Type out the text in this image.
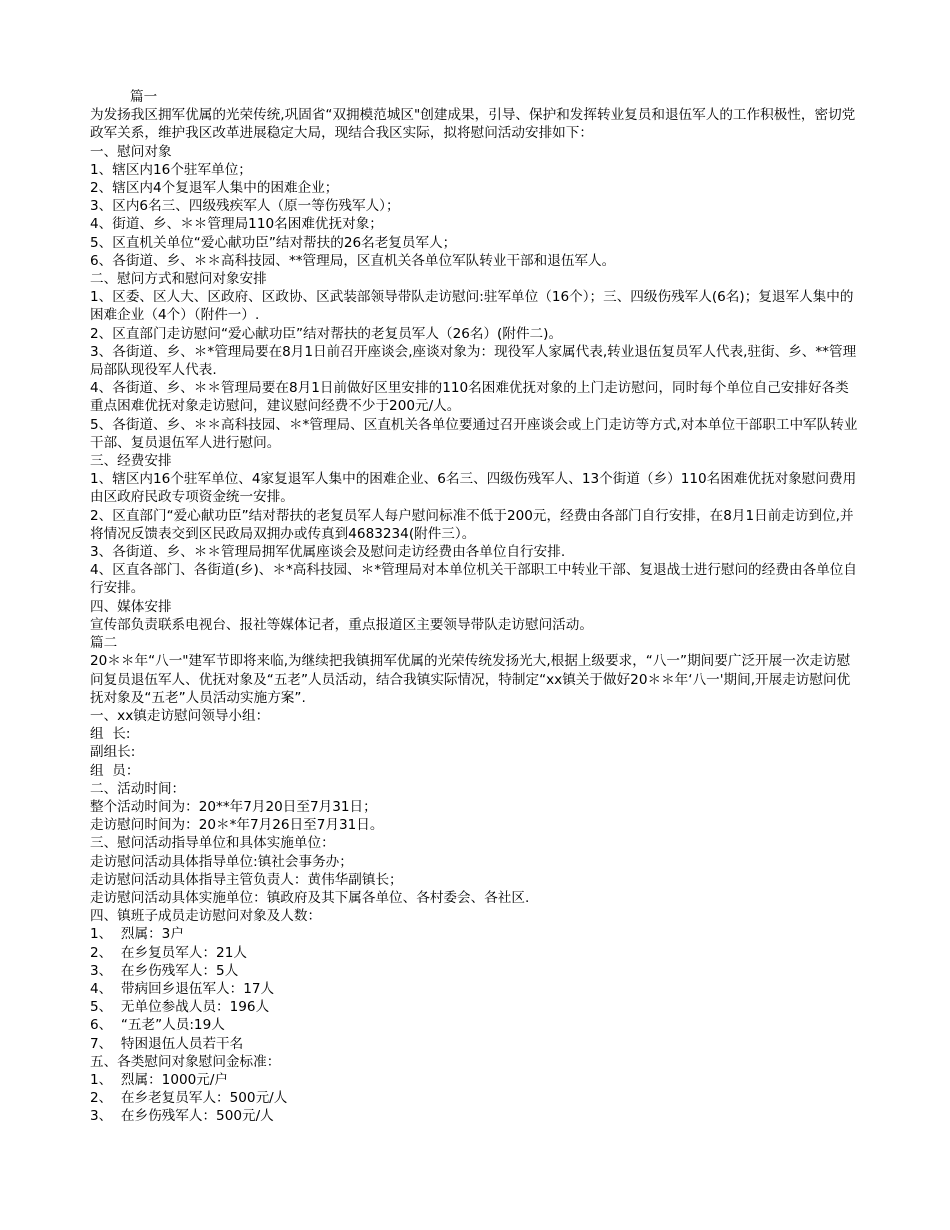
篇一
为发扬我区拥军优属的光荣传统,巩固省“双拥模范城区"创建成果，引导、保护和发挥转业复员和退伍军人的工作积极性，密切党政军关系，维护我区改革进展稳定大局，现结合我区实际，拟将慰问活动安排如下：
一、慰问对象
1、辖区内16个驻军单位；
2、辖区内4个复退军人集中的困难企业；
3、区内6名三、四级残疾军人（原一等伤残军人）；
4、街道、乡、＊＊管理局110名困难优抚对象；
5、区直机关单位“爱心献功臣”结对帮扶的26名老复员军人；
6、各街道、乡、＊＊高科技园、**管理局，区直机关各单位军队转业干部和退伍军人。
二、慰问方式和慰问对象安排
1、区委、区人大、区政府、区政协、区武装部领导带队走访慰问:驻军单位（16个）；三、四级伤残军人(6名)；复退军人集中的困难企业（4个）（附件一）.
2、区直部门走访慰问“爱心献功臣”结对帮扶的老复员军人（26名）(附件二)。
3、各街道、乡、＊*管理局要在8月1日前召开座谈会,座谈对象为：现役军人家属代表,转业退伍复员军人代表,驻街、乡、**管理局部队现役军人代表.
4、各街道、乡、＊＊管理局要在8月1日前做好区里安排的110名困难优抚对象的上门走访慰问，同时每个单位自己安排好各类重点困难优抚对象走访慰问，建议慰问经费不少于200元/人。
5、各街道、乡、＊＊高科技园、＊*管理局、区直机关各单位要通过召开座谈会或上门走访等方式,对本单位干部职工中军队转业干部、复员退伍军人进行慰问。
三、经费安排
1、辖区内16个驻军单位、4家复退军人集中的困难企业、6名三、四级伤残军人、13个街道（乡）110名困难优抚对象慰问费用由区政府民政专项资金统一安排。
2、区直部门“爱心献功臣”结对帮扶的老复员军人每户慰问标准不低于200元，经费由各部门自行安排，在8月1日前走访到位,并将情况反馈表交到区民政局双拥办或传真到4683234(附件三）。
3、各街道、乡、＊＊管理局拥军优属座谈会及慰问走访经费由各单位自行安排.
4、区直各部门、各街道(乡)、＊*高科技园、＊*管理局对本单位机关干部职工中转业干部、复退战士进行慰问的经费由各单位自行安排。
四、媒体安排
宣传部负责联系电视台、报社等媒体记者，重点报道区主要领导带队走访慰问活动。
篇二
20＊＊年“八一"建军节即将来临,为继续把我镇拥军优属的光荣传统发扬光大,根据上级要求，“八一”期间要广泛开展一次走访慰问复员退伍军人、优抚对象及“五老”人员活动，结合我镇实际情况，特制定“xx镇关于做好20＊＊年‘八一'期间,开展走访慰问优抚对象及“五老”人员活动实施方案”.
一、xx镇走访慰问领导小组：
组  长:
副组长:
组  员：
二、活动时间：
整个活动时间为：20**年7月20日至7月31日；
走访慰问时间为：20＊*年7月26日至7月31日。
三、慰问活动指导单位和具体实施单位：
走访慰问活动具体指导单位:镇社会事务办；
走访慰问活动具体指导主管负责人：黄伟华副镇长；
走访慰问活动具体实施单位：镇政府及其下属各单位、各村委会、各社区.
四、镇班子成员走访慰问对象及人数：
1、  烈属：3户
2、  在乡复员军人：21人
3、  在乡伤残军人：5人
4、  带病回乡退伍军人：17人
5、  无单位参战人员：196人
6、  “五老”人员:19人
7、  特困退伍人员若干名
五、各类慰问对象慰问金标准：
1、  烈属：1000元/户
2、  在乡老复员军人：500元/人
3、  在乡伤残军人：500元/人
